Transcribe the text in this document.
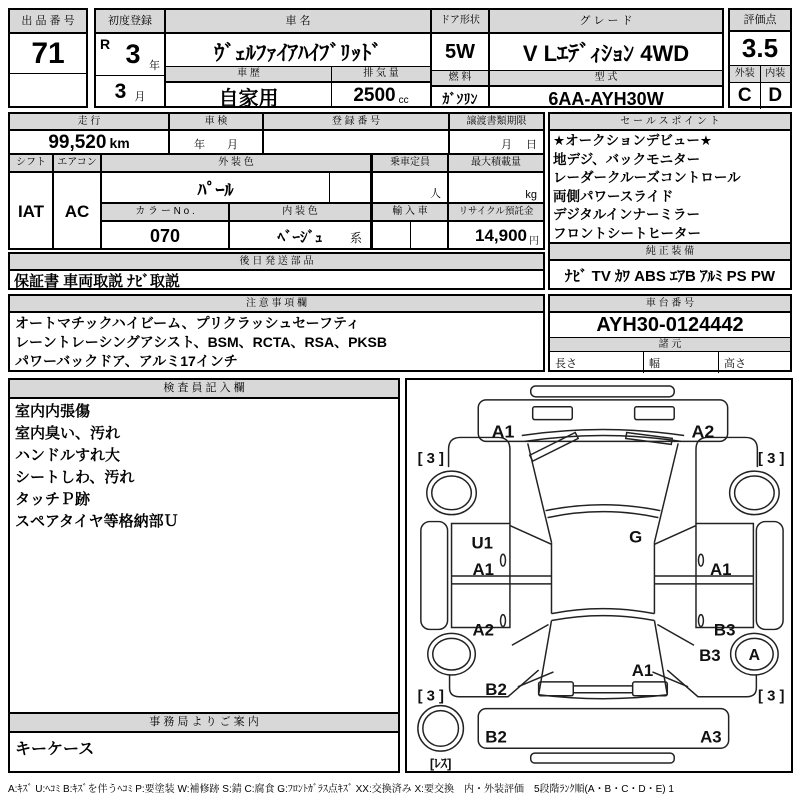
出 品 番 号
71
初度登録
R 3 年
3 月
車 名
ｳﾞｪﾙﾌｧｲｱﾊｲﾌﾞﾘｯﾄﾞ
車 歴
自家用
排 気 量
2500 cc
ドア形状
5W
燃 料
ｶﾞｿﾘﾝ
グ レ ー ド
V Lｴﾃﾞｨｼｮﾝ 4WD
型 式
6AA-AYH30W
評価点
3.5
外装	内装
C D
走 行
99,520 km
車 検
年　　月
登 録 番 号	譲渡書類期限
月　 日
シフト
IAT
エアコン
AC
外 装 色
ﾊﾟｰﾙ
カ ラ ー N o .
070
内 装 色
ﾍﾞｰｼﾞｭ 系
乗車定員
人
最大積載量
kg
輸 入 車	リサイクル預託金
14,900 円
後 日 発 送 部 品
保証書 車両取説 ﾅﾋﾞ取説
注 意 事 項 欄
オートマチックハイビーム、プリクラッシュセーフティ
レーントレーシングアシスト、BSM、RCTA、RSA、PKSB
パワーバックドア、アルミ17インチ
セ ー ル ス ポ イ ン ト
★オークションデビュー★
地デジ、バックモニター
レーダークルーズコントロール
両側パワースライド
デジタルインナーミラー
フロントシートヒーター
純 正 装 備
ﾅﾋﾞ TV ｶﾜ ABS ｴｱB ｱﾙﾐ PS PW
車 台 番 号
AYH30-0124442
諸 元
長さ	幅	高さ
検 査 員 記 入 欄
室内内張傷
室内臭い、汚れ
ハンドルすれ大
シートしわ、汚れ
タッチＰ跡
スペアタイヤ等格納部Ｕ
事 務 局 よ り ご 案 内
キーケース
A1	A2
[ 3 ]	[ 3 ]
U1
A1
G
A1
A2	B3
B3 A
A1
B2
[ 3 ]	[ 3 ]
B2	A3
[ﾚｽ]
A:ｷｽﾞ U:ﾍｺﾐ B:ｷｽﾞを伴うﾍｺﾐ P:要塗装 W:補修跡 S:錆 C:腐食 G:ﾌﾛﾝﾄｶﾞﾗｽ点ｷｽﾞ XX:交換済み X:要交換　内・外装評価　5段階ﾗﾝｸ順(A・B・C・D・E) 1
